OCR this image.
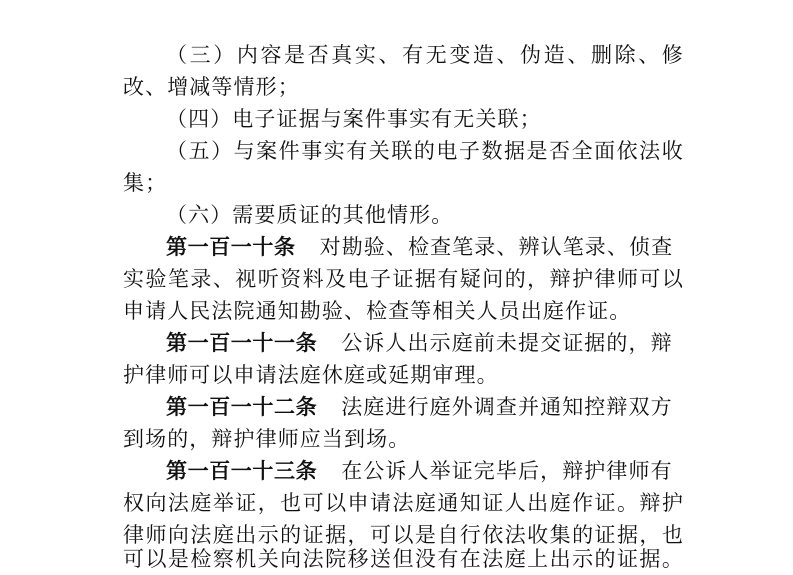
（ 三 ） 内 容 是 否 真 实 、 有 无 变 造 、 伪 造 、 删 除 、 修
改、增减等情形；
（四）电子证据与案件事实有无关联；
（ 五 ） 与 案 件 事 实 有 关 联 的 电 子 数 据 是 否 全 面 依 法 收
集；
（六）需要质证的其他情形。
第一百一十条 对勘验、检查笔录、辨认笔录、侦查
实 验 笔 录 、 视 听 资 料 及 电 子 证 据 有 疑 问 的 ， 辩 护 律 师 可 以
申请人民法院通知勘验、检查等相关人员出庭作证。
第一百一十一条 公诉人出示庭前未提交证据的，辩
护律师可以申请法庭休庭或延期审理。
第一百一十二条 法庭进行庭外调查并通知控辩双方
到场的，辩护律师应当到场。
第一百一十三条 在公诉人举证完毕后，辩护律师有
权 向 法 庭 举 证 ， 也 可 以 申 请 法 庭 通 知 证 人 出 庭 作 证 。 辩 护
律 师 向 法 庭 出 示 的 证 据 ， 可 以 是 自 行 依 法 收 集 的 证 据 ， 也
可 以 是 检 察 机 关 向 法 院 移 送 但 没 有 在 法 庭 上 出 示 的 证 据 。
